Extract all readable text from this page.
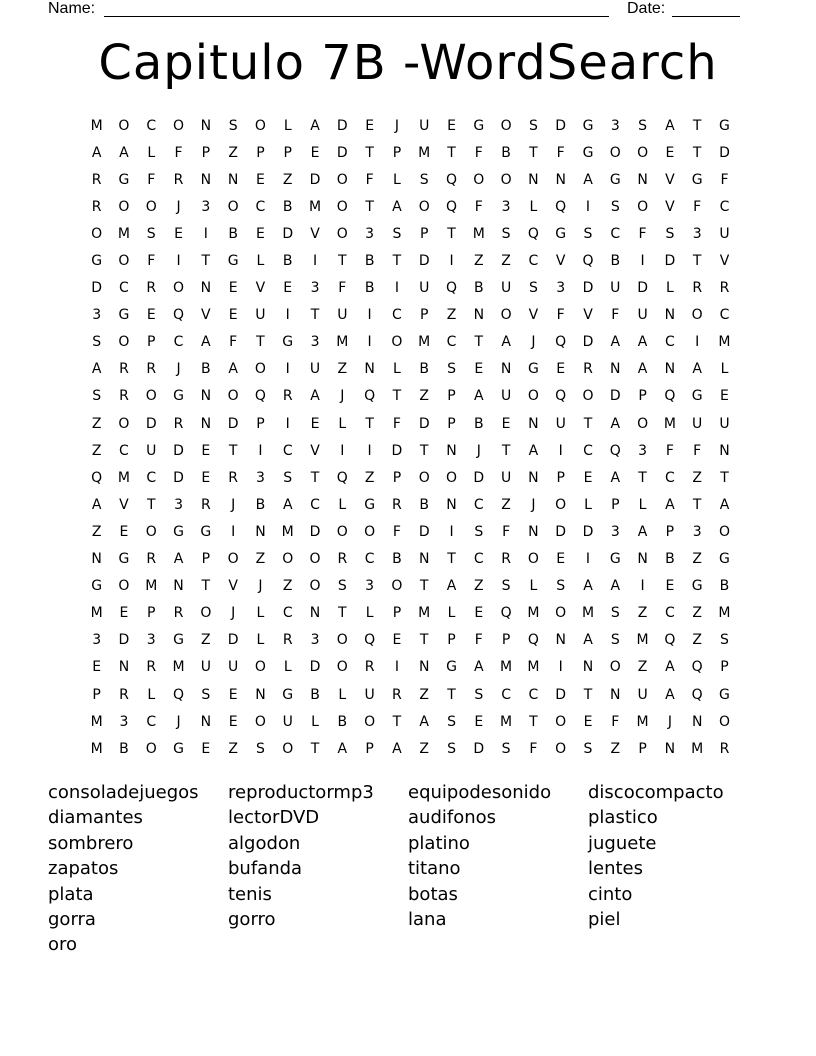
Name:	Date:
Capitulo 7B -WordSearch
M	O	C	O	N	S	O	L	A	D	E	J	U	E	G	O	S	D	G	3	S	A	T	G
A	A	L	F	P	Z	P	P	E	D	T	P	M	T	F	B	T	F	G	O	O	E	T	D
R	G	F	R	N	N	E	Z	D	O	F	L	S	Q	O	O	N	N	A	G	N	V	G	F
R	O	O	J	3	O	C	B	M	O	T	A	O	Q	F	3	L	Q	I	S	O	V	F	C
O	M	S	E	I	B	E	D	V	O	3	S	P	T	M	S	Q	G	S	C	F	S	3	U
G	O	F	I	T	G	L	B	I	T	B	T	D	I	Z	Z	C	V	Q	B	I	D	T	V
D	C	R	O	N	E	V	E	3	F	B	I	U	Q	B	U	S	3	D	U	D	L	R	R
3	G	E	Q	V	E	U	I	T	U	I	C	P	Z	N	O	V	F	V	F	U	N	O	C
S	O	P	C	A	F	T	G	3	M	I	O	M	C	T	A	J	Q	D	A	A	C	I	M
A	R	R	J	B	A	O	I	U	Z	N	L	B	S	E	N	G	E	R	N	A	N	A	L
S	R	O	G	N	O	Q	R	A	J	Q	T	Z	P	A	U	O	Q	O	D	P	Q	G	E
Z	O	D	R	N	D	P	I	E	L	T	F	D	P	B	E	N	U	T	A	O	M	U	U
Z	C	U	D	E	T	I	C	V	I	I	D	T	N	J	T	A	I	C	Q	3	F	F	N
Q	M	C	D	E	R	3	S	T	Q	Z	P	O	O	D	U	N	P	E	A	T	C	Z	T
A	V	T	3	R	J	B	A	C	L	G	R	B	N	C	Z	J	O	L	P	L	A	T	A
Z	E	O	G	G	I	N	M	D	O	O	F	D	I	S	F	N	D	D	3	A	P	3	O
N	G	R	A	P	O	Z	O	O	R	C	B	N	T	C	R	O	E	I	G	N	B	Z	G
G	O	M	N	T	V	J	Z	O	S	3	O	T	A	Z	S	L	S	A	A	I	E	G	B
M	E	P	R	O	J	L	C	N	T	L	P	M	L	E	Q	M	O	M	S	Z	C	Z	M
3	D	3	G	Z	D	L	R	3	O	Q	E	T	P	F	P	Q	N	A	S	M	Q	Z	S
E	N	R	M	U	U	O	L	D	O	R	I	N	G	A	M	M	I	N	O	Z	A	Q	P
P	R	L	Q	S	E	N	G	B	L	U	R	Z	T	S	C	C	D	T	N	U	A	Q	G
M	3	C	J	N	E	O	U	L	B	O	T	A	S	E	M	T	O	E	F	M	J	N	O
M	B	O	G	E	Z	S	O	T	A	P	A	Z	S	D	S	F	O	S	Z	P	N	M	R
consoladejuegos	reproductormp3	equipodesonido	discocompacto
diamantes	lectorDVD	audifonos	plastico
sombrero	algodon	platino	juguete
zapatos	bufanda	titano	lentes
plata	tenis	botas	cinto
gorra	gorro	lana	piel
oro
